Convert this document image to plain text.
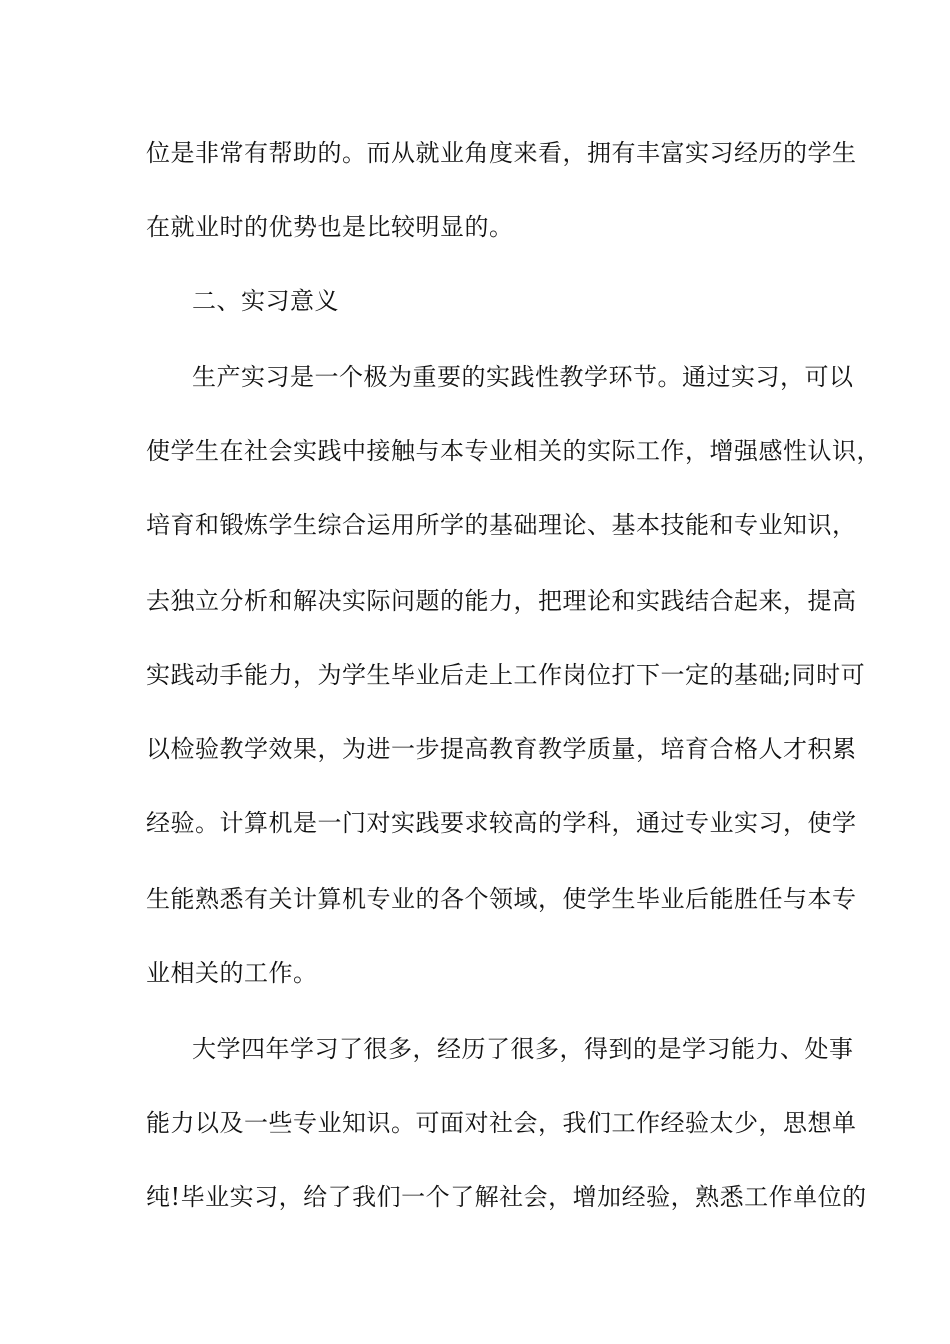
位是非常有帮助的。而从就业角度来看，拥有丰富实习经历的学生
在就业时的优势也是比较明显的。
二、实习意义
生产实习是一个极为重要的实践性教学环节。通过实习，可以
使学生在社会实践中接触与本专业相关的实际工作，增强感性认识，
培育和锻炼学生综合运用所学的基础理论、基本技能和专业知识，
去独立分析和解决实际问题的能力，把理论和实践结合起来，提高
实践动手能力，为学生毕业后走上工作岗位打下一定的基础;同时可
以检验教学效果，为进一步提高教育教学质量，培育合格人才积累
经验。计算机是一门对实践要求较高的学科，通过专业实习，使学
生能熟悉有关计算机专业的各个领域，使学生毕业后能胜任与本专
业相关的工作。
大学四年学习了很多，经历了很多，得到的是学习能力、处事
能力以及一些专业知识。可面对社会，我们工作经验太少，思想单
纯!毕业实习，给了我们一个了解社会，增加经验，熟悉工作单位的
